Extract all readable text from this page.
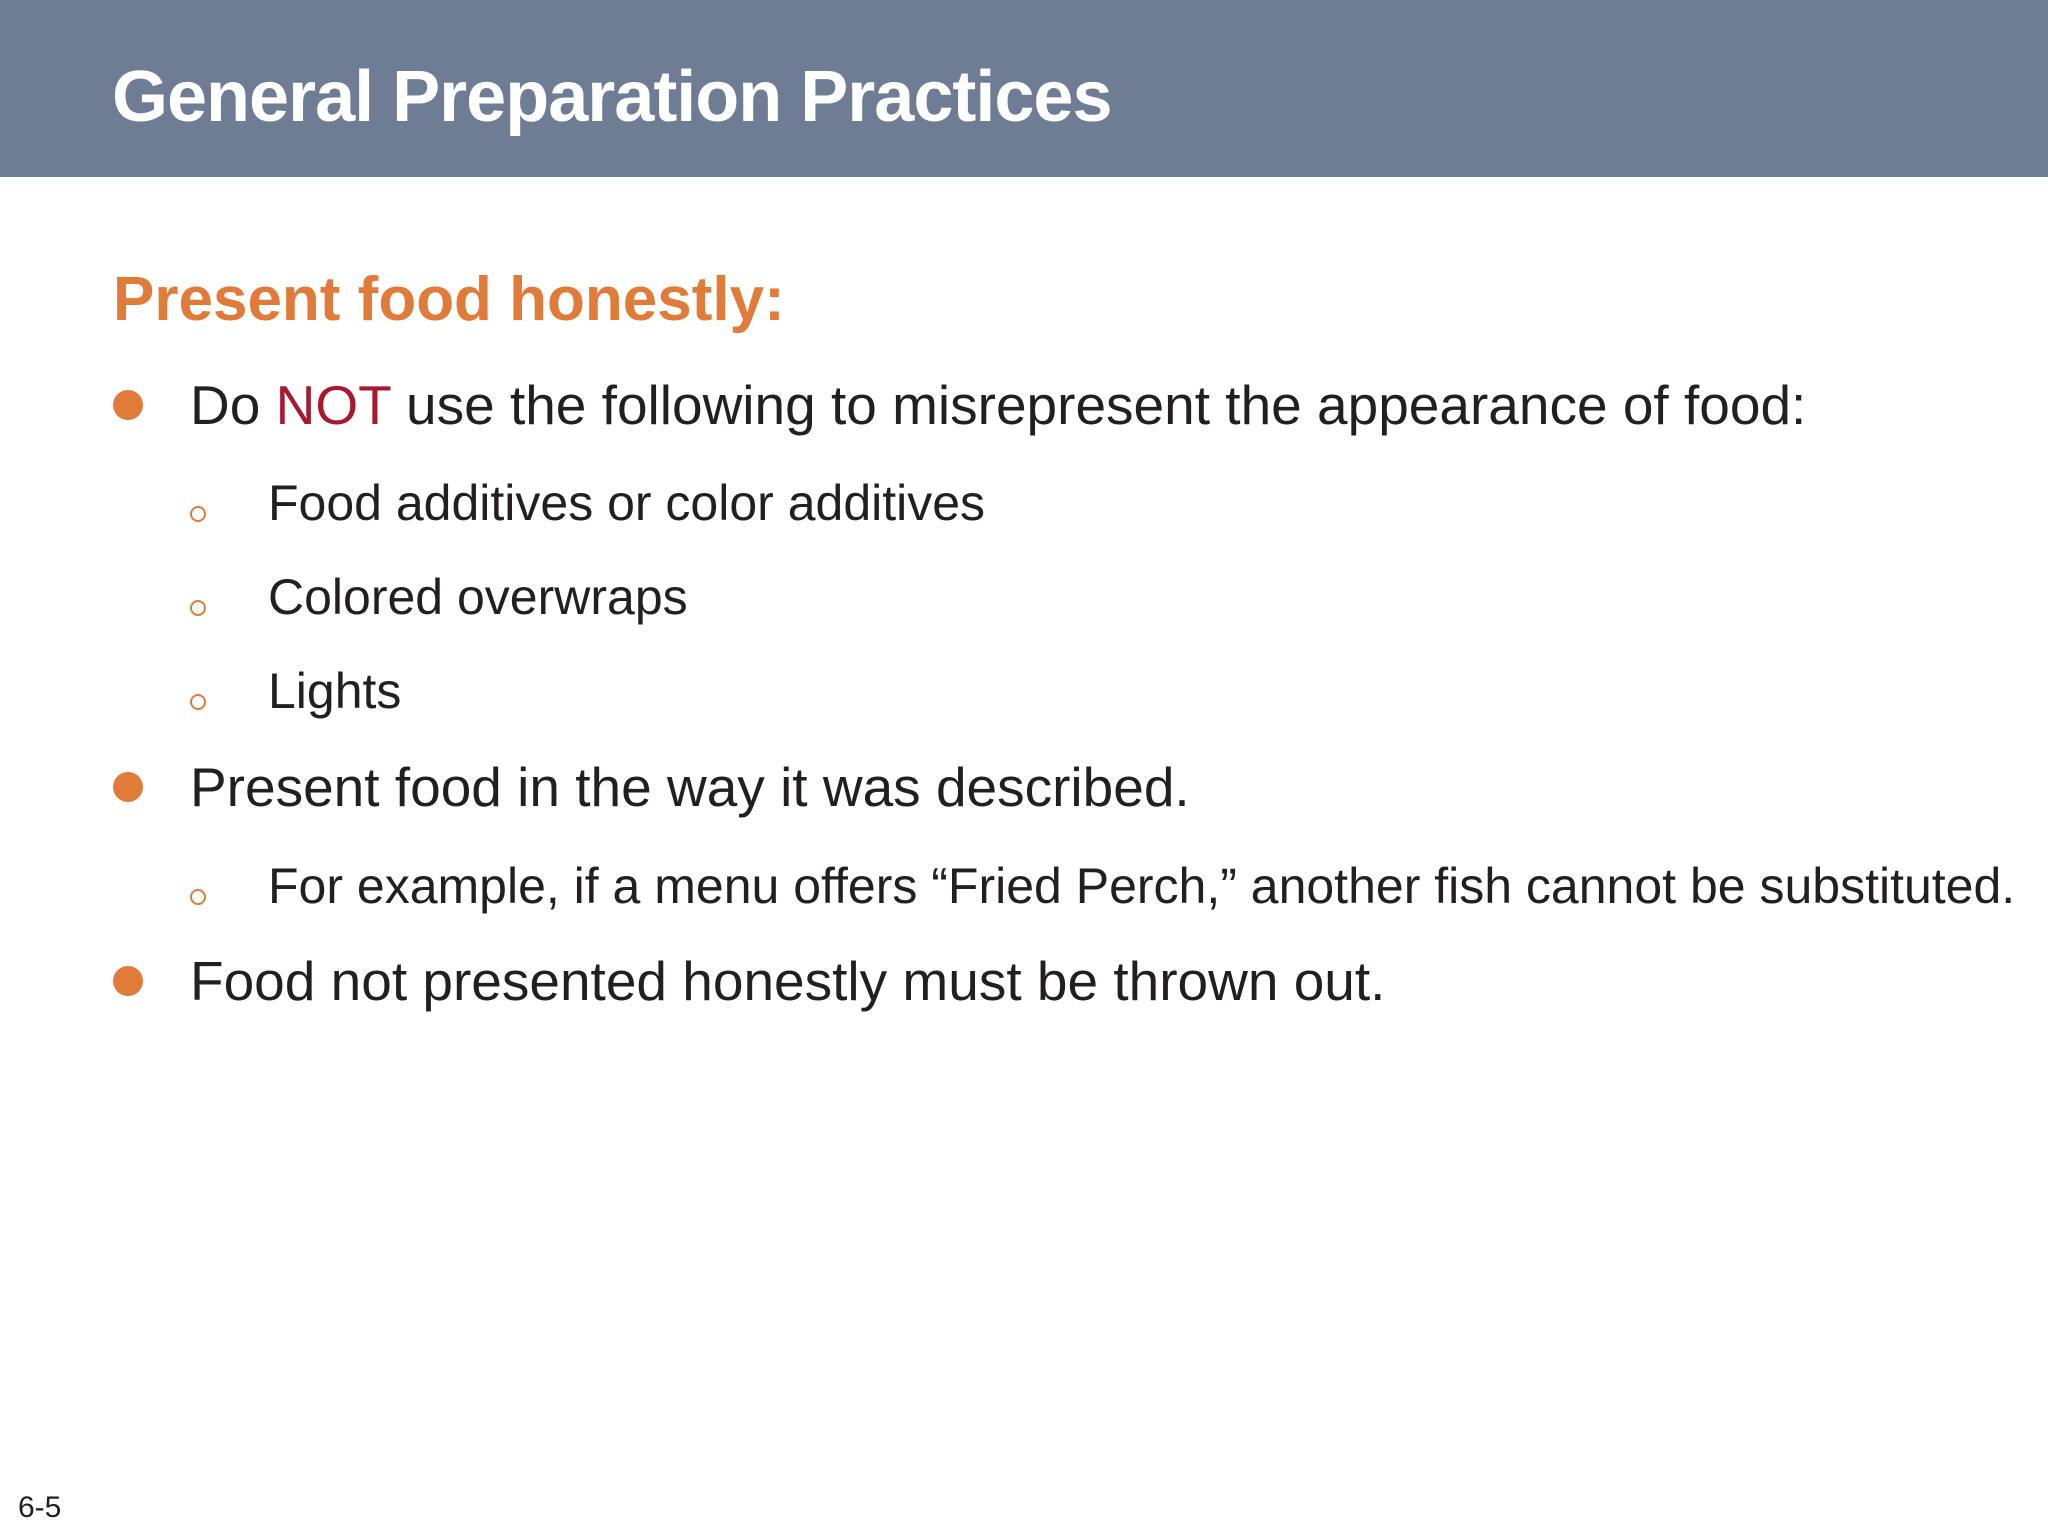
General Preparation Practices
Present food honestly:
Do NOT use the following to misrepresent the appearance of food:
Food additives or color additives
Colored overwraps
Lights
Present food in the way it was described.
For example, if a menu offers “Fried Perch,” another fish cannot be substituted.
Food not presented honestly must be thrown out.
6-5
